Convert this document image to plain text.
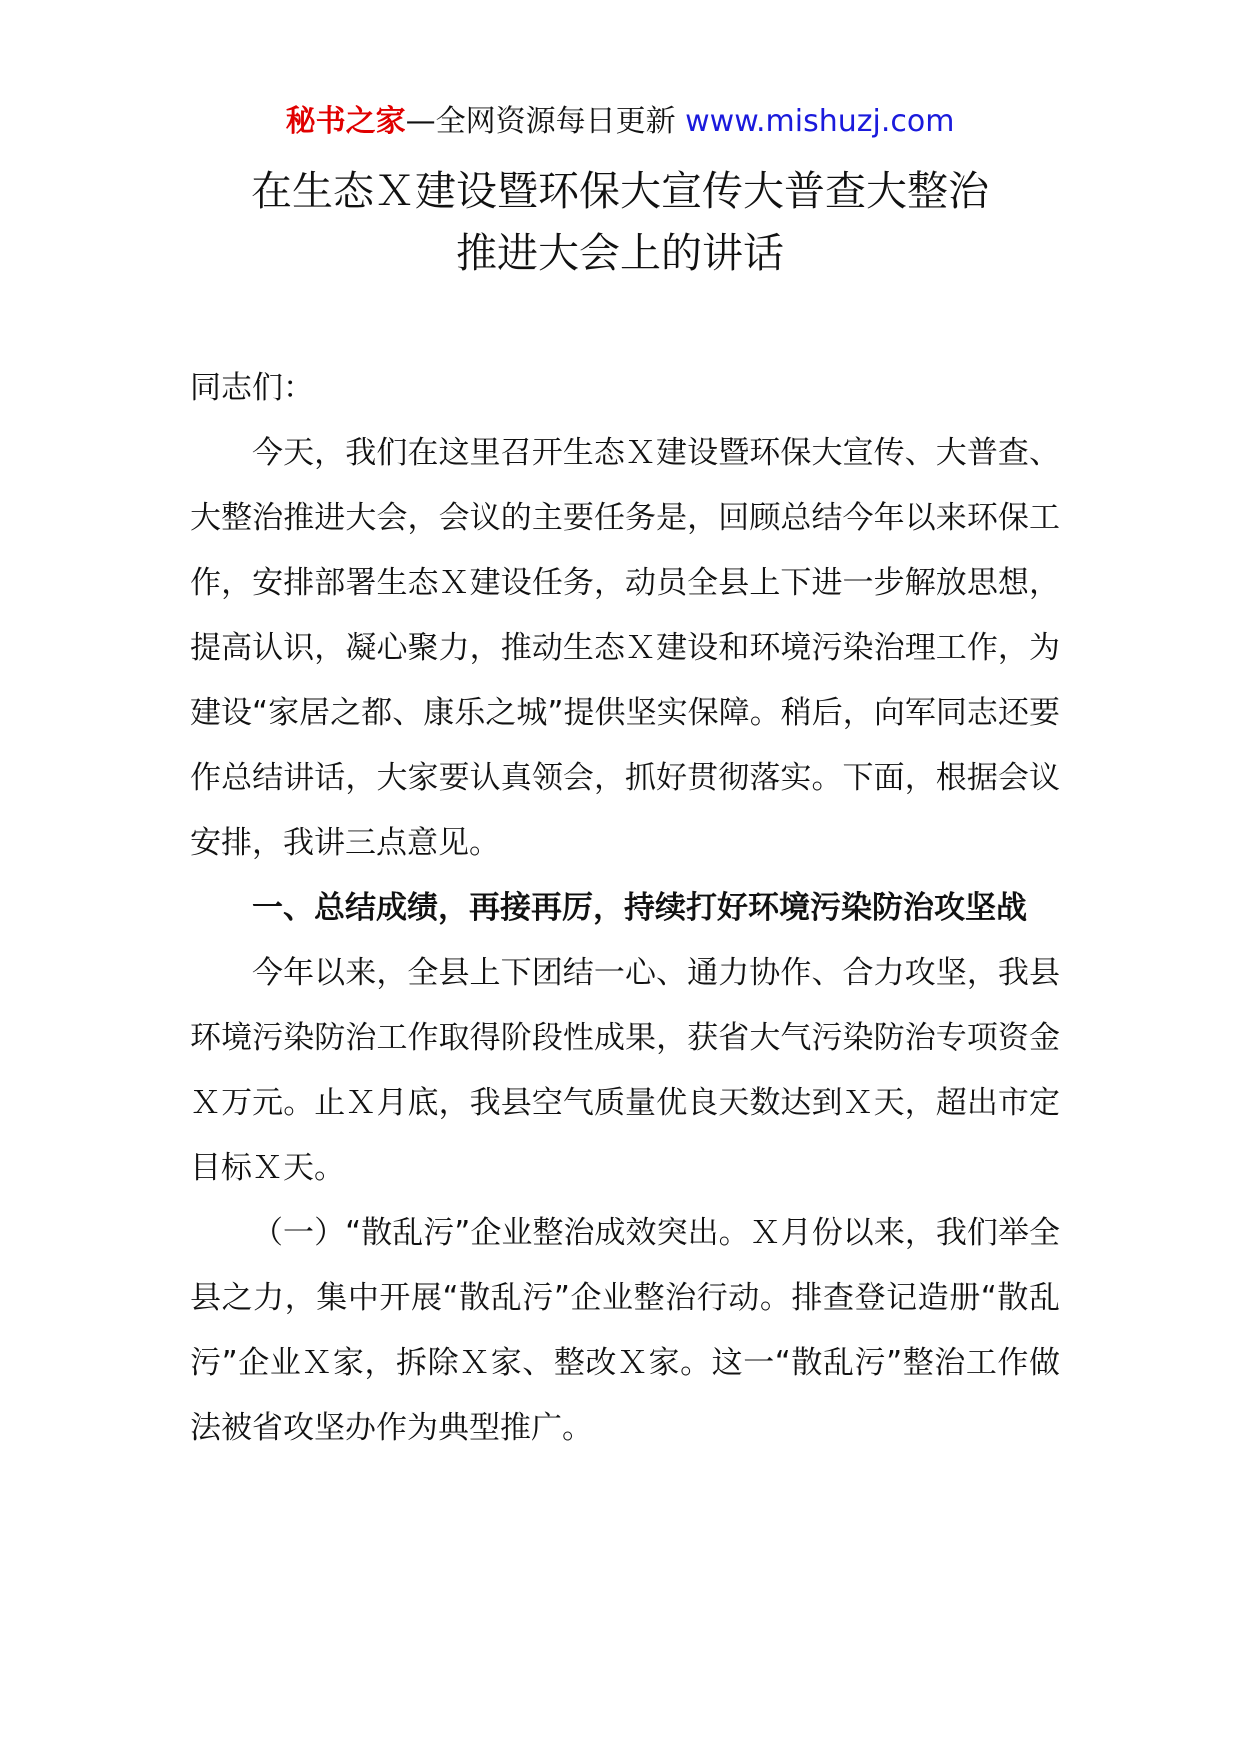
秘书之家—全网资源每日更新 www.mishuzj.com
在生态Ｘ建设暨环保大宣传大普查大整治
推进大会上的讲话

同志们：

今天，我们在这里召开生态Ｘ建设暨环保大宣传、大普查、大整治推进大会，会议的主要任务是，回顾总结今年以来环保工作，安排部署生态Ｘ建设任务，动员全县上下进一步解放思想，提高认识，凝心聚力，推动生态Ｘ建设和环境污染治理工作，为建设“家居之都、康乐之城”提供坚实保障。稍后，向军同志还要作总结讲话，大家要认真领会，抓好贯彻落实。下面，根据会议安排，我讲三点意见。

一、总结成绩，再接再厉，持续打好环境污染防治攻坚战

今年以来，全县上下团结一心、通力协作、合力攻坚，我县环境污染防治工作取得阶段性成果，获省大气污染防治专项资金Ｘ万元。止Ｘ月底，我县空气质量优良天数达到Ｘ天，超出市定目标Ｘ天。

（一）“散乱污”企业整治成效突出。Ｘ月份以来，我们举全县之力，集中开展“散乱污”企业整治行动。排查登记造册“散乱污”企业Ｘ家，拆除Ｘ家、整改Ｘ家。这一“散乱污”整治工作做法被省攻坚办作为典型推广。
